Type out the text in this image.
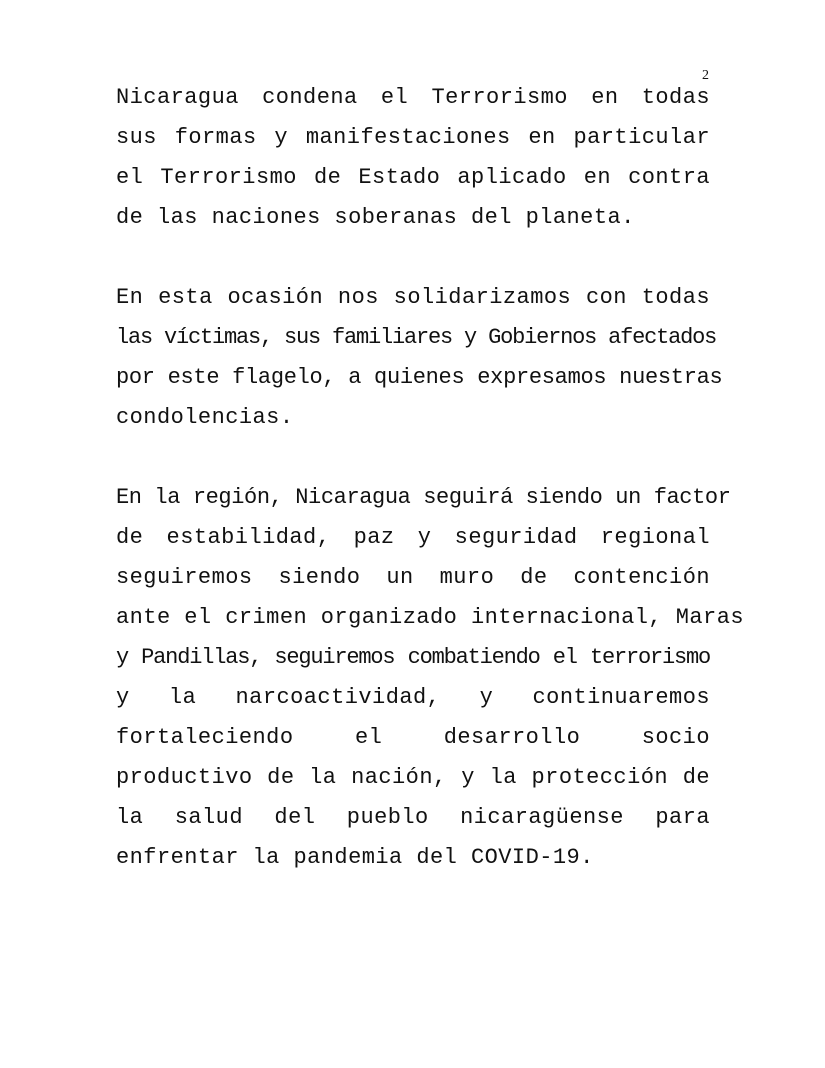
2
Nicaragua condena el Terrorismo en todas
sus formas y manifestaciones en particular
el Terrorismo de Estado aplicado en contra
de las naciones soberanas del planeta.
En esta ocasión nos solidarizamos con todas
las víctimas, sus familiares y Gobiernos afectados
por este flagelo, a quienes expresamos nuestras
condolencias.
En la región, Nicaragua seguirá siendo un factor
de estabilidad, paz y seguridad regional
seguiremos siendo un muro de contención
ante el crimen organizado internacional, Maras
y Pandillas, seguiremos combatiendo el terrorismo
y la narcoactividad, y continuaremos
fortaleciendo el desarrollo socio
productivo de la nación, y la protección de
la salud del pueblo nicaragüense para
enfrentar la pandemia del COVID-19.
